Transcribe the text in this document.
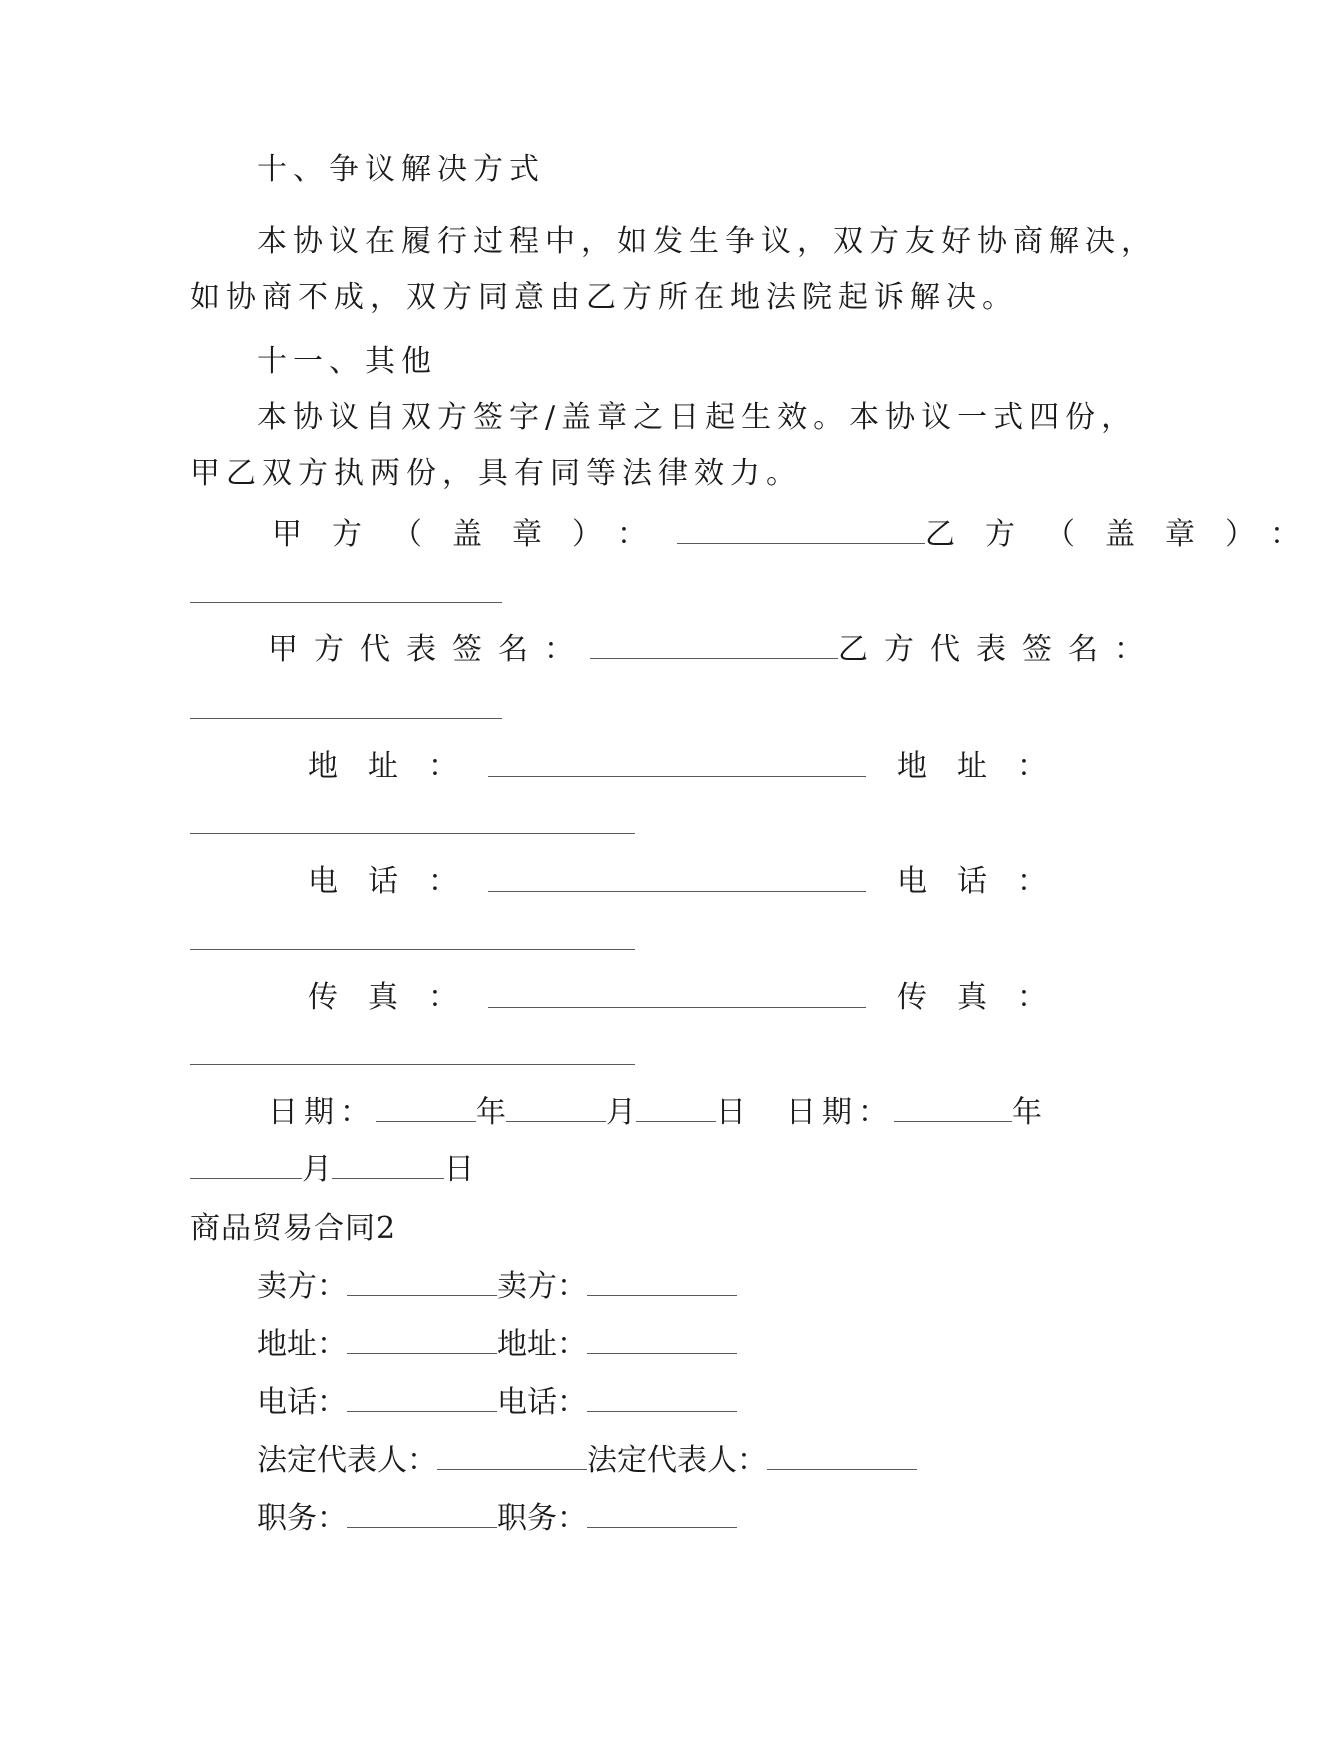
十、争议解决方式
本协议在履行过程中，如发生争议，双方友好协商解决，
如协商不成，双方同意由乙方所在地法院起诉解决。
十一、其他
本协议自双方签字/盖章之日起生效。本协议一式四份，
甲乙双方执两份，具有同等法律效力。
甲方（盖章）：	乙方（盖章）：
甲方代表签名：	乙方代表签名：
地址：	地址：
电话：	电话：
传真：	传真：
日期：	年	月	日 日期：	年
月	日
商品贸易合同2
卖方：	卖方：
地址：	地址：
电话：	电话：
法定代表人：	法定代表人：
职务：	职务：
